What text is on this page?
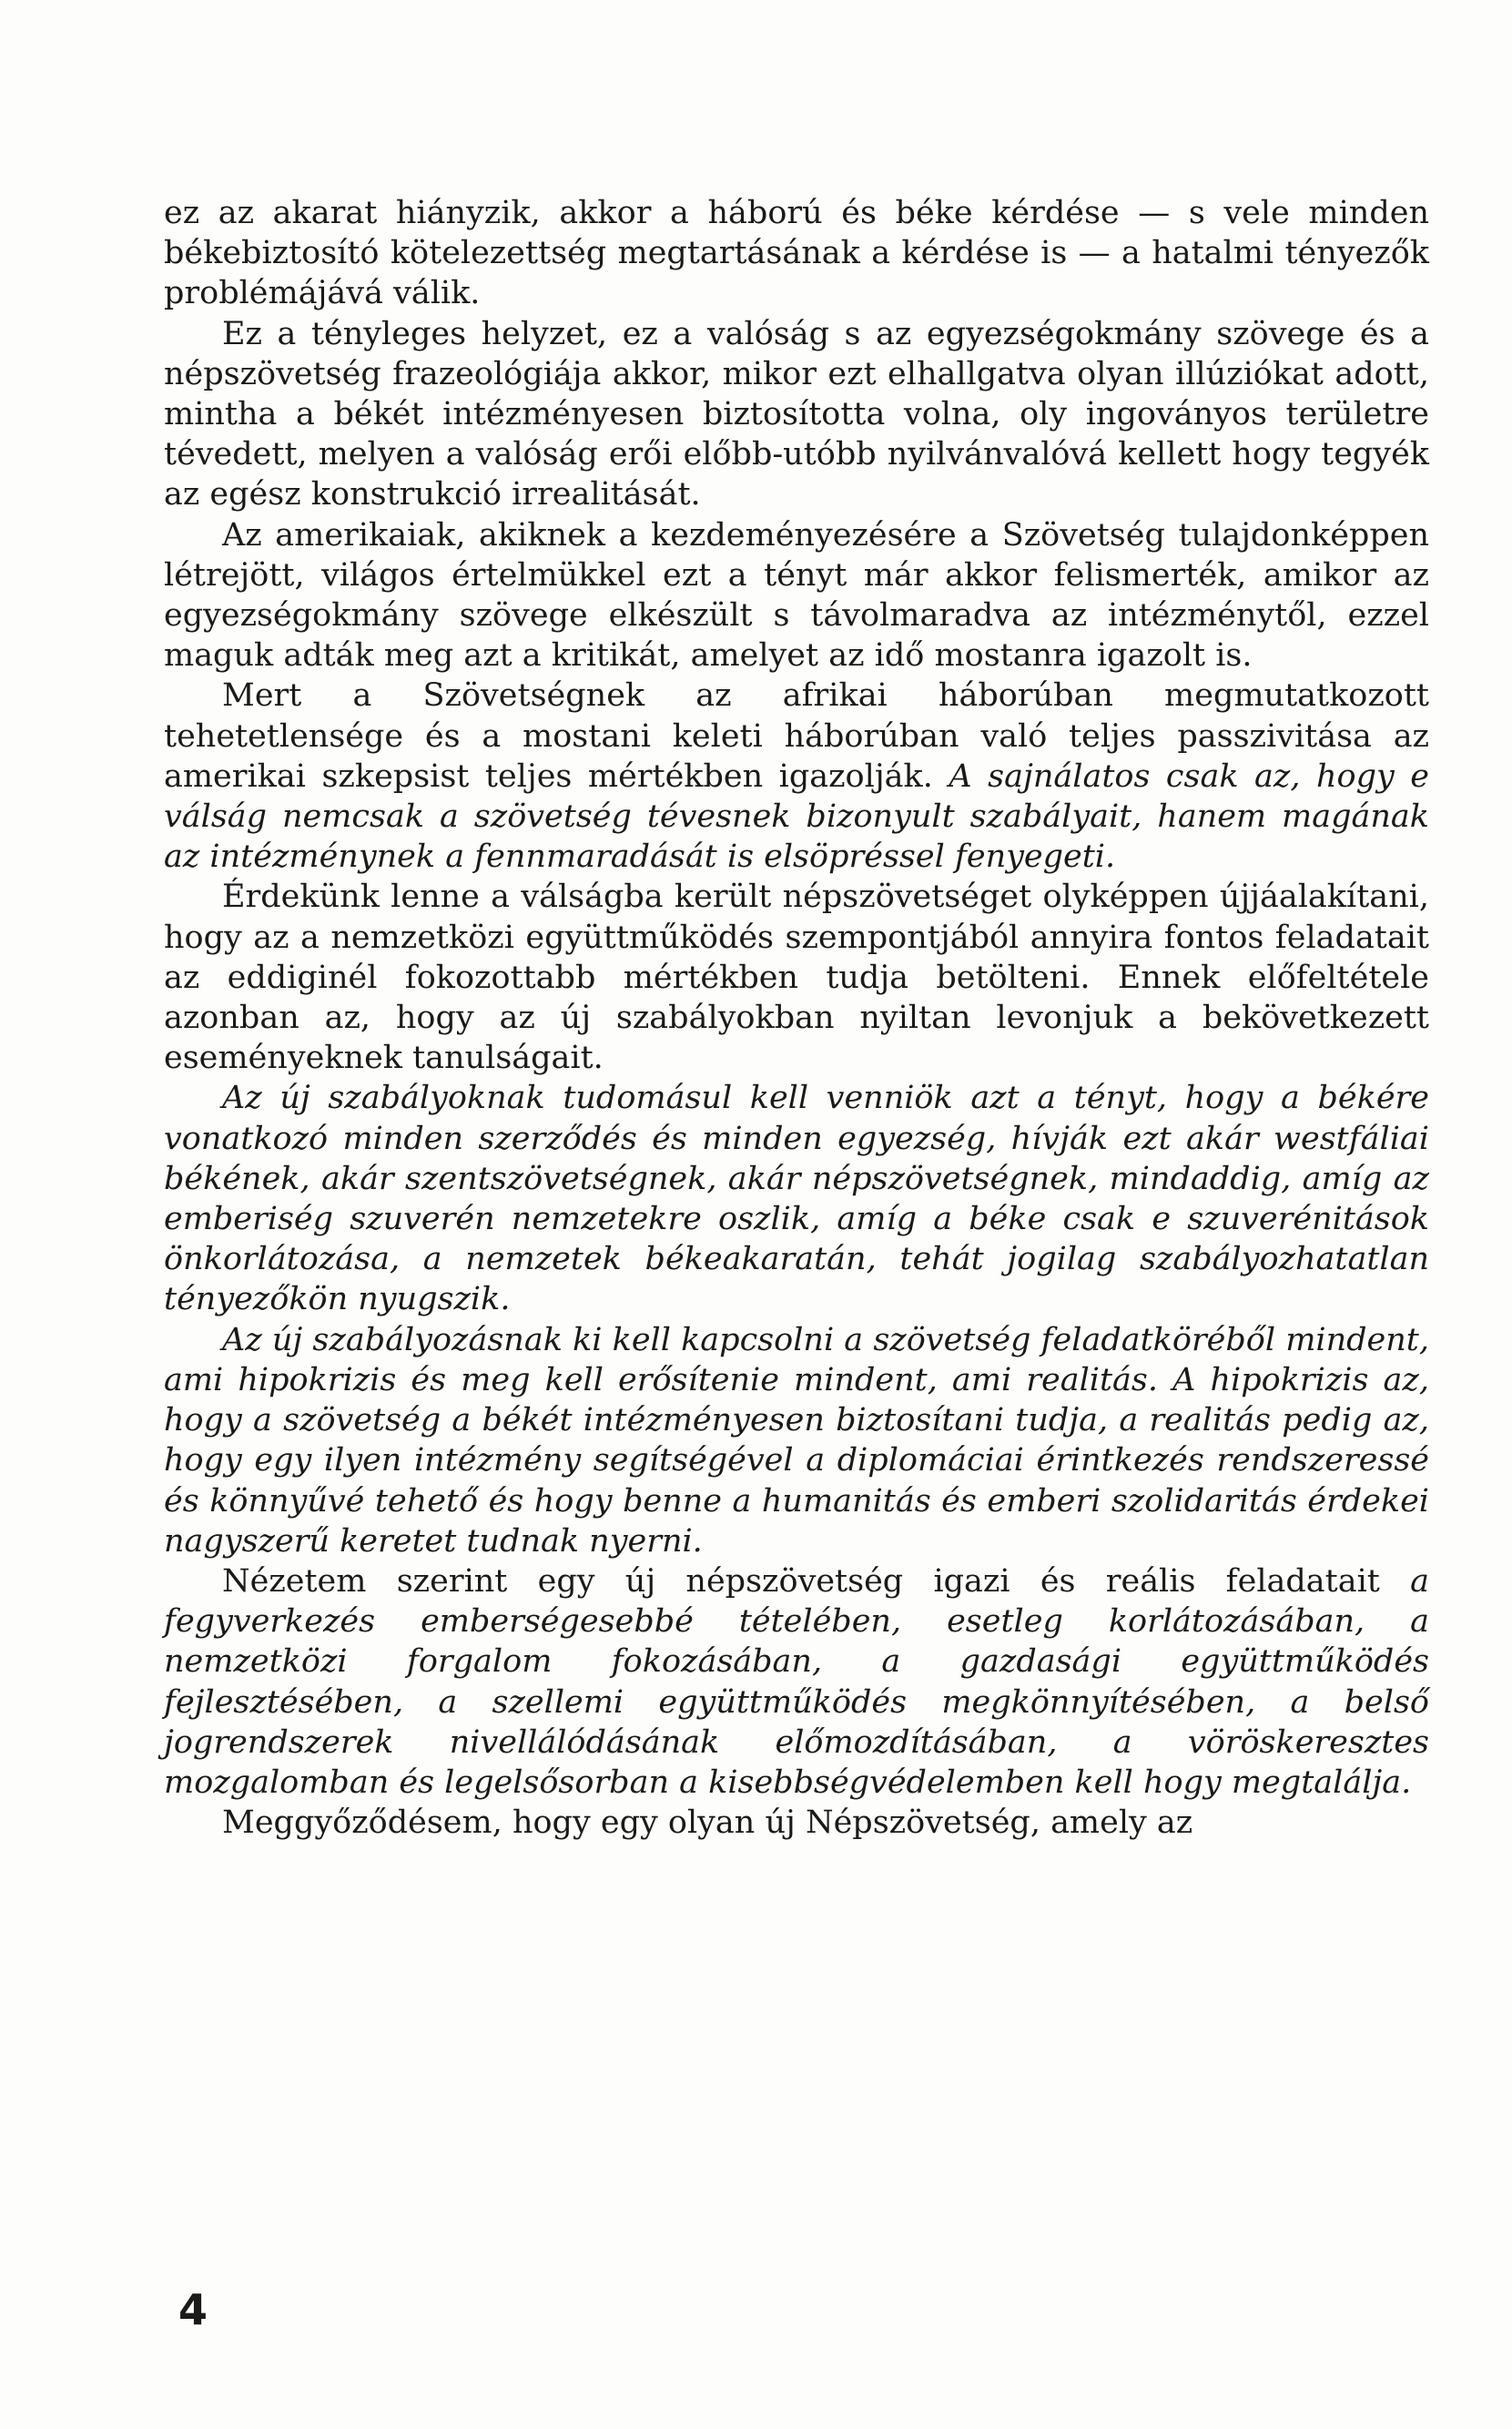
ez az akarat hiányzik, akkor a háború és béke kérdése — s vele minden békebiztosító kötelezettség megtartásának a kérdése is — a hatalmi tényezők problémájává válik.

Ez a tényleges helyzet, ez a valóság s az egyezségokmány szövege és a népszövetség frazeológiája akkor, mikor ezt elhallgatva olyan illúziókat adott, mintha a békét intézményesen biztosította volna, oly ingoványos területre tévedett, melyen a valóság erői előbb-utóbb nyilvánvalóvá kellett hogy tegyék az egész konstrukció irrealitását.

Az amerikaiak, akiknek a kezdeményezésére a Szövetség tulajdonképpen létrejött, világos értelmükkel ezt a tényt már akkor felismerték, amikor az egyezségokmány szövege elkészült s távolmaradva az intézménytől, ezzel maguk adták meg azt a kritikát, amelyet az idő mostanra igazolt is.

Mert a Szövetségnek az afrikai háborúban megmutatkozott tehetetlensége és a mostani keleti háborúban való teljes passzivitása az amerikai szkepsist teljes mértékben igazolják. A sajnálatos csak az, hogy e válság nemcsak a szövetség tévesnek bizonyult szabályait, hanem magának az intézménynek a fennmaradását is elsöpréssel fenyegeti.

Érdekünk lenne a válságba került népszövetséget olyképpen újjáalakítani, hogy az a nemzetközi együttműködés szempontjából annyira fontos feladatait az eddiginél fokozottabb mértékben tudja betölteni. Ennek előfeltétele azonban az, hogy az új szabályokban nyiltan levonjuk a bekövetkezett eseményeknek tanulságait.

Az új szabályoknak tudomásul kell venniök azt a tényt, hogy a békére vonatkozó minden szerződés és minden egyezség, hívják ezt akár westfáliai békének, akár szentszövetségnek, akár népszövetségnek, mindaddig, amíg az emberiség szuverén nemzetekre oszlik, amíg a béke csak e szuverénitások önkorlátozása, a nemzetek békeakaratán, tehát jogilag szabályozhatatlan tényezőkön nyugszik.

Az új szabályozásnak ki kell kapcsolni a szövetség feladatköréből mindent, ami hipokrizis és meg kell erősítenie mindent, ami realitás. A hipokrizis az, hogy a szövetség a békét intézményesen biztosítani tudja, a realitás pedig az, hogy egy ilyen intézmény segítségével a diplomáciai érintkezés rendszeressé és könnyűvé tehető és hogy benne a humanitás és emberi szolidaritás érdekei nagyszerű keretet tudnak nyerni.

Nézetem szerint egy új népszövetség igazi és reális feladatait a fegyverkezés emberségesebbé tételében, esetleg korlátozásában, a nemzetközi forgalom fokozásában, a gazdasági együttműködés fejlesztésében, a szellemi együttműködés megkönnyítésében, a belső jogrendszerek nivellálódásának előmozdításában, a vöröskeresztes mozgalomban és legelsősorban a kisebbségvédelemben kell hogy megtalálja.

Meggyőződésem, hogy egy olyan új Népszövetség, amely az

4
